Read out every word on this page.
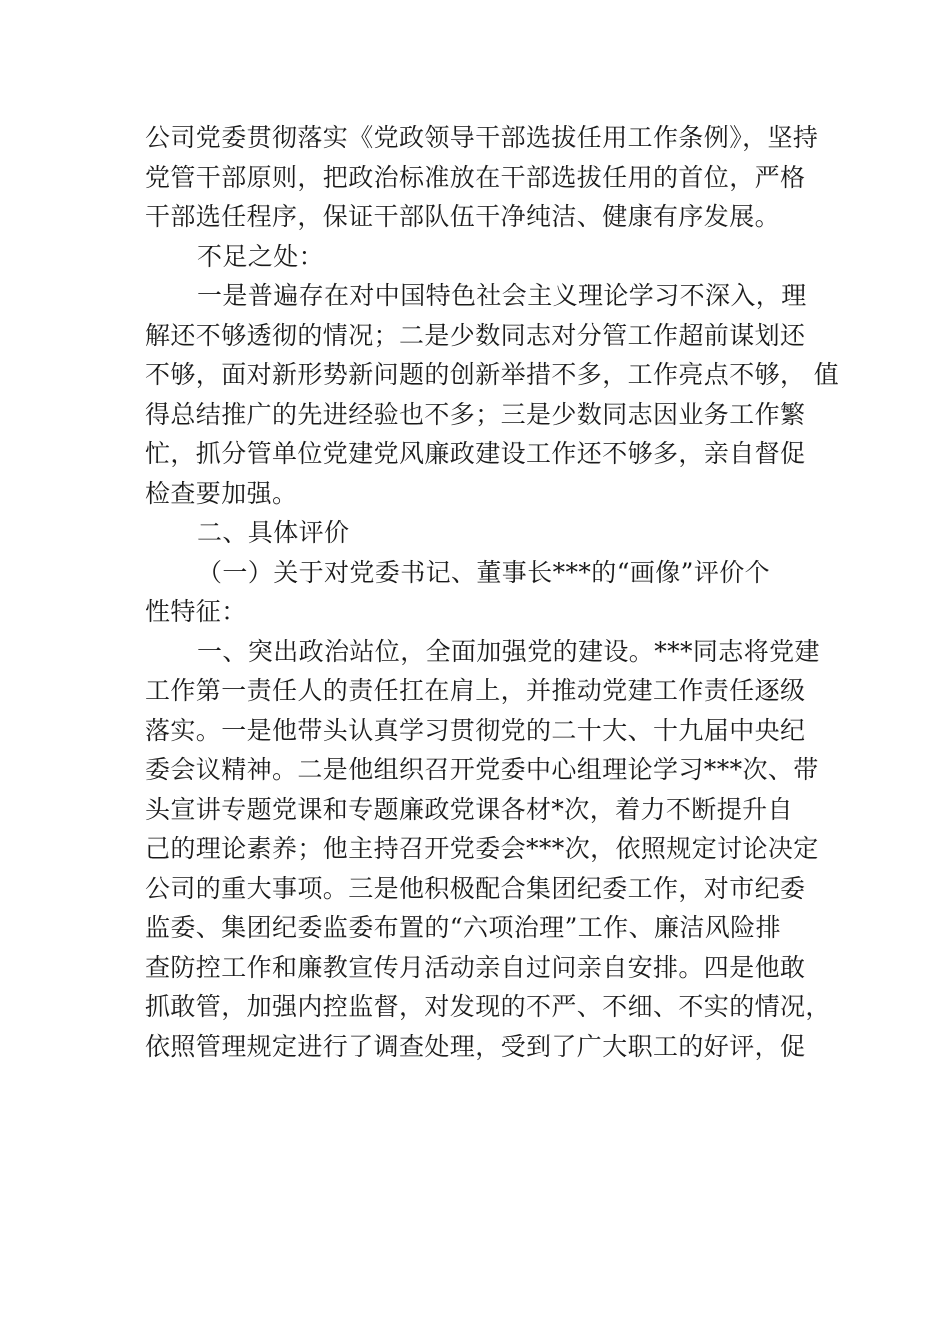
公司党委贯彻落实《党政领导干部选拔任用工作条例》，坚持
党管干部原则，把政治标准放在干部选拔任用的首位，严格
干部选任程序，保证干部队伍干净纯洁、健康有序发展。
不足之处：
一是普遍存在对中国特色社会主义理论学习不深入，理
解还不够透彻的情况；二是少数同志对分管工作超前谋划还
不够，面对新形势新问题的创新举措不多，工作亮点不够， 值
得总结推广的先进经验也不多；三是少数同志因业务工作繁
忙，抓分管单位党建党风廉政建设工作还不够多，亲自督促
检查要加强。
二、具体评价
（一）关于对党委书记、董事长***的“画像”评价个
性特征：
一、突出政治站位，全面加强党的建设。***同志将党建
工作第一责任人的责任扛在肩上，并推动党建工作责任逐级
落实。一是他带头认真学习贯彻党的二十大、十九届中央纪
委会议精神。二是他组织召开党委中心组理论学习***次、带
头宣讲专题党课和专题廉政党课各材*次，着力不断提升自
己的理论素养；他主持召开党委会***次，依照规定讨论决定
公司的重大事项。三是他积极配合集团纪委工作，对市纪委
监委、集团纪委监委布置的“六项治理”工作、廉洁风险排
查防控工作和廉教宣传月活动亲自过问亲自安排。四是他敢
抓敢管，加强内控监督，对发现的不严、不细、不实的情况，
依照管理规定进行了调查处理，受到了广大职工的好评，促
